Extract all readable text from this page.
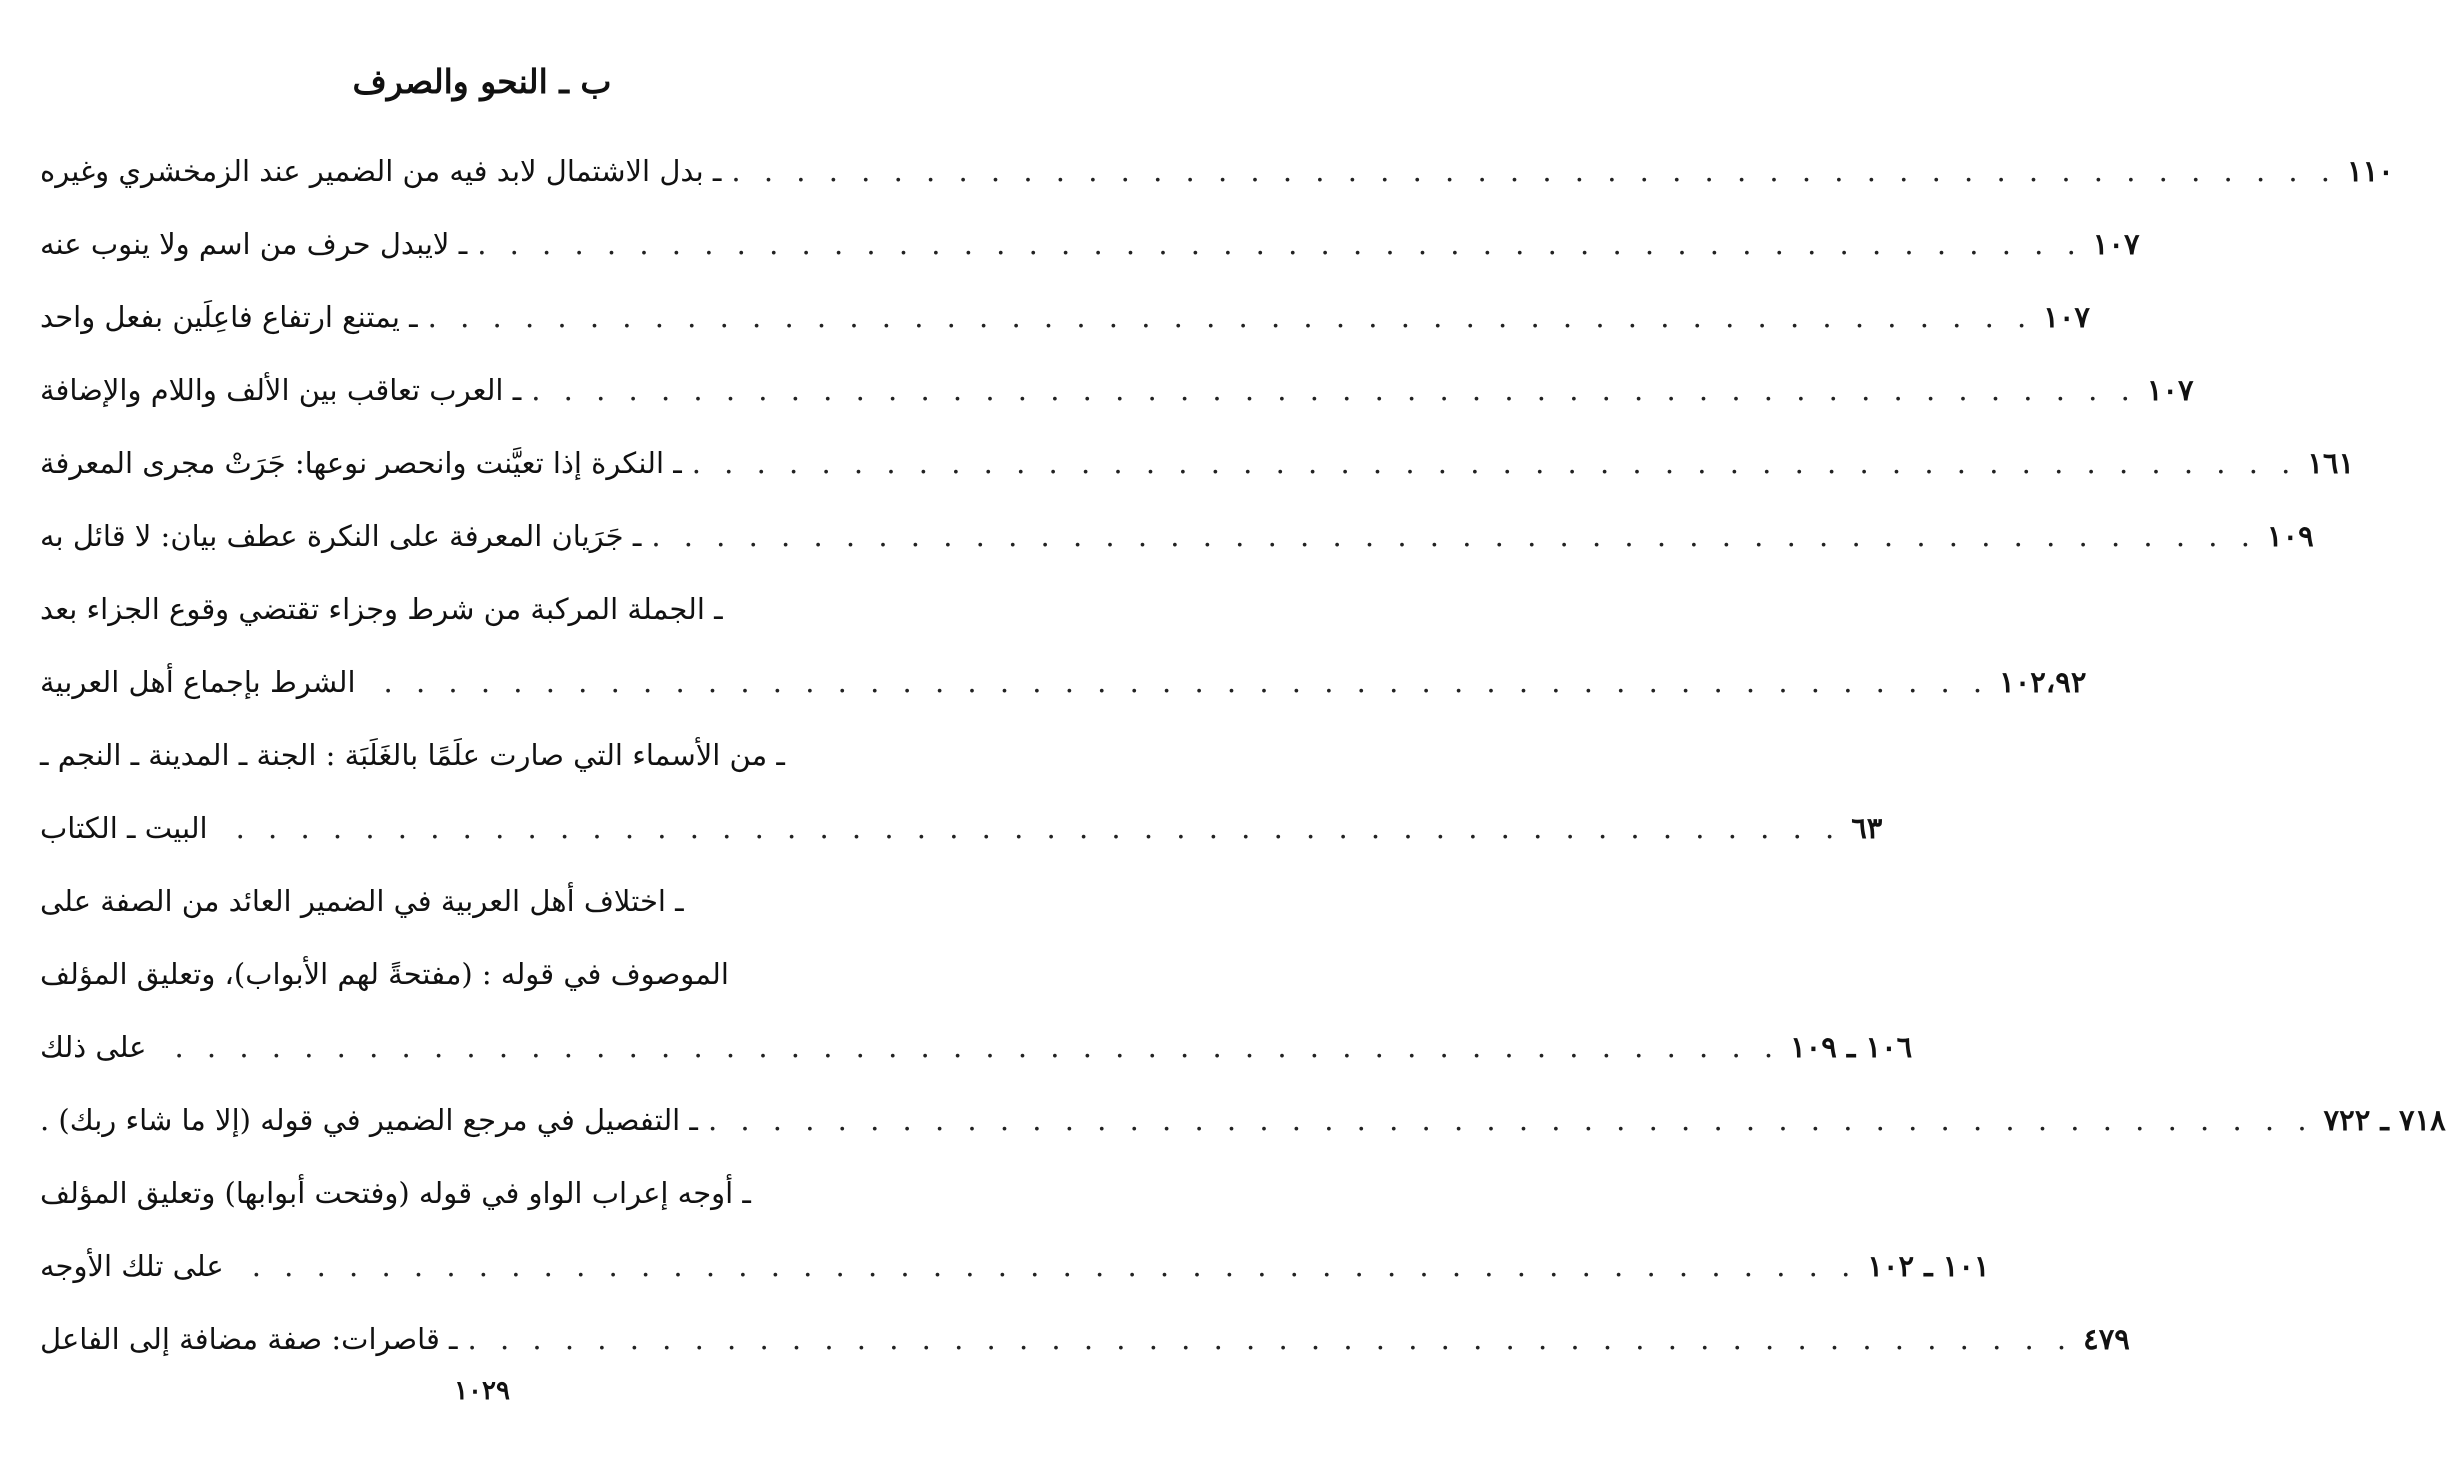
ب ـ النحو والصرف
ـ بدل الاشتمال لابد فيه من الضمير عند الزمخشري وغيره . . . . . . . . . . . . . . . . . . . . . . . . . . . . . . . . . . . . . . . . . . . . . . . . . . ١١٠
ـ لايبدل حرف من اسم ولا ينوب عنه . . . . . . . . . . . . . . . . . . . . . . . . . . . . . . . . . . . . . . . . . . . . . . . . . . ١٠٧
ـ يمتنع ارتفاع فاعِلَين بفعل واحد . . . . . . . . . . . . . . . . . . . . . . . . . . . . . . . . . . . . . . . . . . . . . . . . . . ١٠٧
ـ العرب تعاقب بين الألف واللام والإضافة . . . . . . . . . . . . . . . . . . . . . . . . . . . . . . . . . . . . . . . . . . . . . . . . . . ١٠٧
ـ النكرة إذا تعيَّنت وانحصر نوعها: جَرَتْ مجرى المعرفة . . . . . . . . . . . . . . . . . . . . . . . . . . . . . . . . . . . . . . . . . . . . . . . . . . ١٦١
ـ جَرَيان المعرفة على النكرة عطف بيان: لا قائل به . . . . . . . . . . . . . . . . . . . . . . . . . . . . . . . . . . . . . . . . . . . . . . . . . . ١٠٩
ـ الجملة المركبة من شرط وجزاء تقتضي وقوع الجزاء بعد
الشرط بإجماع أهل العربية . . . . . . . . . . . . . . . . . . . . . . . . . . . . . . . . . . . . . . . . . . . . . . . . . . ١٠٢،٩٢
ـ من الأسماء التي صارت علَمًا بالغَلَبَة : الجنة ـ المدينة ـ النجم ـ
البيت ـ الكتاب . . . . . . . . . . . . . . . . . . . . . . . . . . . . . . . . . . . . . . . . . . . . . . . . . . ٦٣
ـ اختلاف أهل العربية في الضمير العائد من الصفة على
الموصوف في قوله : (مفتحةً لهم الأبواب)، وتعليق المؤلف
على ذلك . . . . . . . . . . . . . . . . . . . . . . . . . . . . . . . . . . . . . . . . . . . . . . . . . . ١٠٦ ـ ١٠٩
ـ التفصيل في مرجع الضمير في قوله (إلا ما شاء ربك) . . . . . . . . . . . . . . . . . . . . . . . . . . . . . . . . . . . . . . . . . . . . . . . . . . . ٧١٨ ـ ٧٢٢
ـ أوجه إعراب الواو في قوله (وفتحت أبوابها) وتعليق المؤلف
على تلك الأوجه . . . . . . . . . . . . . . . . . . . . . . . . . . . . . . . . . . . . . . . . . . . . . . . . . . ١٠١ ـ ١٠٢
ـ قاصرات: صفة مضافة إلى الفاعل . . . . . . . . . . . . . . . . . . . . . . . . . . . . . . . . . . . . . . . . . . . . . . . . . . ٤٧٩
١٠٢٩
